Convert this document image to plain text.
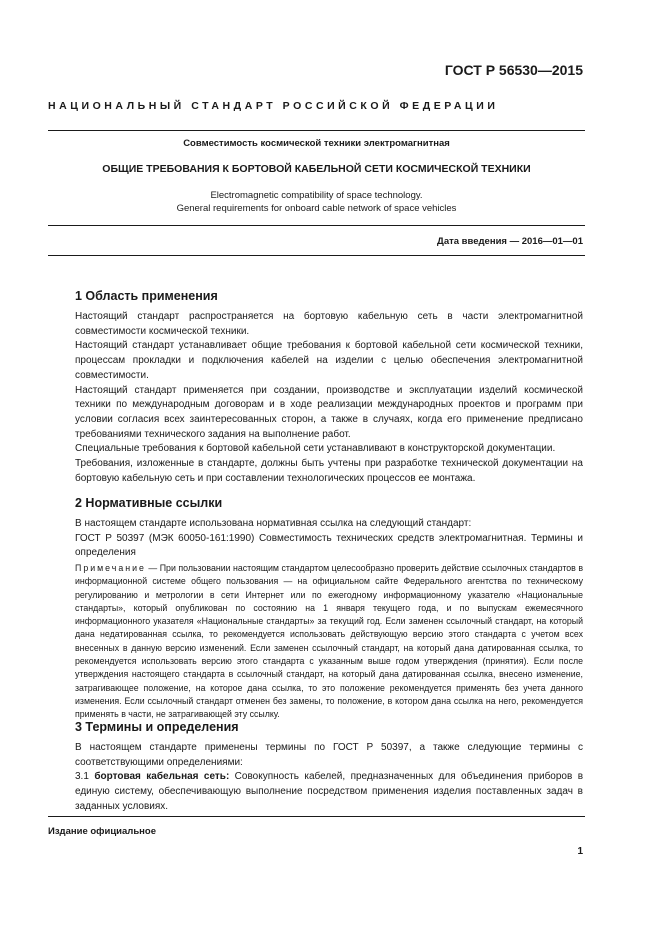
ГОСТ Р 56530—2015
НАЦИОНАЛЬНЫЙ СТАНДАРТ РОССИЙСКОЙ ФЕДЕРАЦИИ
Совместимость космической техники электромагнитная
ОБЩИЕ ТРЕБОВАНИЯ К БОРТОВОЙ КАБЕЛЬНОЙ СЕТИ КОСМИЧЕСКОЙ ТЕХНИКИ
Electromagnetic compatibility of space technology.
General requirements for onboard cable network of space vehicles
Дата введения — 2016—01—01
1 Область применения

Настоящий стандарт распространяется на бортовую кабельную сеть в части электромагнитной совместимости космической техники.

Настоящий стандарт устанавливает общие требования к бортовой кабельной сети космической техники, процессам прокладки и подключения кабелей на изделии с целью обеспечения электромагнитной совместимости.

Настоящий стандарт применяется при создании, производстве и эксплуатации изделий космической техники по международным договорам и в ходе реализации международных проектов и программ при условии согласия всех заинтересованных сторон, а также в случаях, когда его применение предписано требованиями технического задания на выполнение работ.

Специальные требования к бортовой кабельной сети устанавливают в конструкторской документации.

Требования, изложенные в стандарте, должны быть учтены при разработке технической документации на бортовую кабельную сеть и при составлении технологических процессов ее монтажа.

2 Нормативные ссылки

В настоящем стандарте использована нормативная ссылка на следующий стандарт:

ГОСТ Р 50397 (МЭК 60050-161:1990) Совместимость технических средств электромагнитная. Термины и определения

Примечание — При пользовании настоящим стандартом целесообразно проверить действие ссылочных стандартов в информационной системе общего пользования — на официальном сайте Федерального агентства по техническому регулированию и метрологии в сети Интернет или по ежегодному информационному указателю «Национальные стандарты», который опубликован по состоянию на 1 января текущего года, и по выпускам ежемесячного информационного указателя «Национальные стандарты» за текущий год. Если заменен ссылочный стандарт, на который дана недатированная ссылка, то рекомендуется использовать действующую версию этого стандарта с учетом всех внесенных в данную версию изменений. Если заменен ссылочный стандарт, на который дана датированная ссылка, то рекомендуется использовать версию этого стандарта с указанным выше годом утверждения (принятия). Если после утверждения настоящего стандарта в ссылочный стандарт, на который дана датированная ссылка, внесено изменение, затрагивающее положение, на которое дана ссылка, то это положение рекомендуется применять без учета данного изменения. Если ссылочный стандарт отменен без замены, то положение, в котором дана ссылка на него, рекомендуется применять в части, не затрагивающей эту ссылку.
3 Термины и определения

В настоящем стандарте применены термины по ГОСТ Р 50397, а также следующие термины с соответствующими определениями:

3.1 бортовая кабельная сеть: Совокупность кабелей, предназначенных для объединения приборов в единую систему, обеспечивающую выполнение посредством применения изделия поставленных задач в заданных условиях.

Издание официальное
1
